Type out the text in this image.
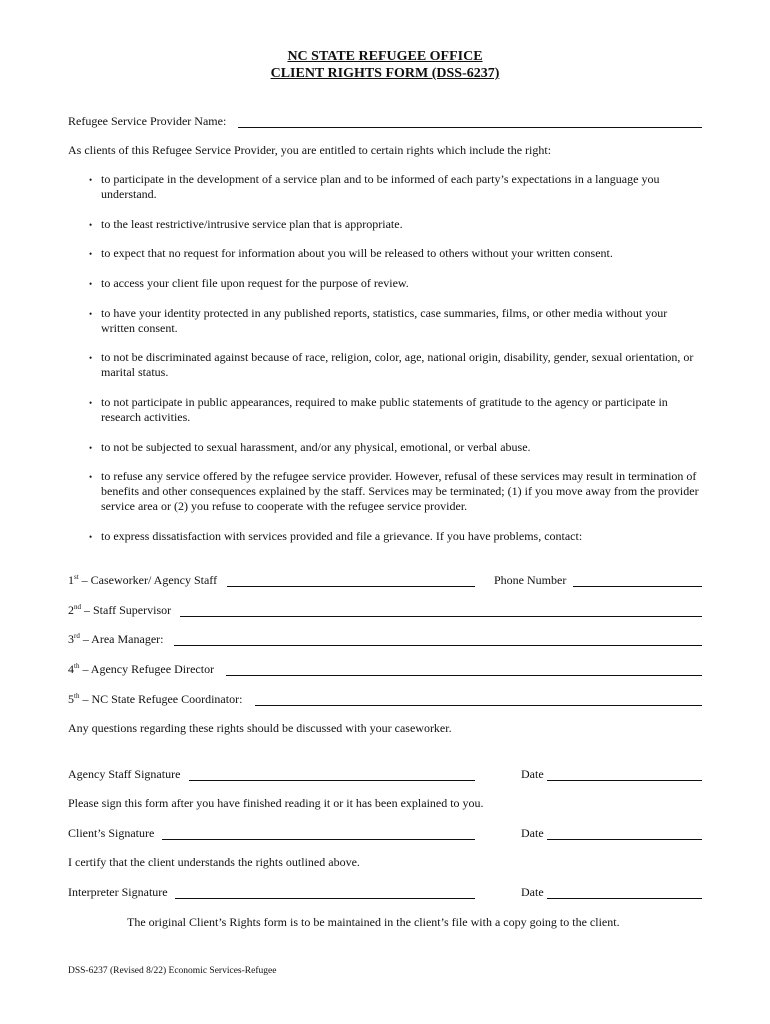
NC STATE REFUGEE OFFICE
CLIENT RIGHTS FORM (DSS-6237)
Refugee Service Provider Name:
As clients of this Refugee Service Provider, you are entitled to certain rights which include the right:
• to participate in the development of a service plan and to be informed of each party’s expectations in a language you understand.
• to the least restrictive/intrusive service plan that is appropriate.
• to expect that no request for information about you will be released to others without your written consent.
• to access your client file upon request for the purpose of review.
• to have your identity protected in any published reports, statistics, case summaries, films, or other media without your written consent.
• to not be discriminated against because of race, religion, color, age, national origin, disability, gender, sexual orientation, or marital status.
• to not participate in public appearances, required to make public statements of gratitude to the agency or participate in research activities.
• to not be subjected to sexual harassment, and/or any physical, emotional, or verbal abuse.
• to refuse any service offered by the refugee service provider. However, refusal of these services may result in termination of benefits and other consequences explained by the staff. Services may be terminated; (1) if you move away from the provider service area or (2) you refuse to cooperate with the refugee service provider.
• to express dissatisfaction with services provided and file a grievance. If you have problems, contact:
1st – Caseworker/ Agency Staff	Phone Number
2nd – Staff Supervisor
3rd – Area Manager:
4th – Agency Refugee Director
5th – NC State Refugee Coordinator:
Any questions regarding these rights should be discussed with your caseworker.
Agency Staff Signature	Date
Please sign this form after you have finished reading it or it has been explained to you.
Client’s Signature	Date
I certify that the client understands the rights outlined above.
Interpreter Signature	Date
The original Client’s Rights form is to be maintained in the client’s file with a copy going to the client.
DSS-6237 (Revised 8/22) Economic Services-Refugee
